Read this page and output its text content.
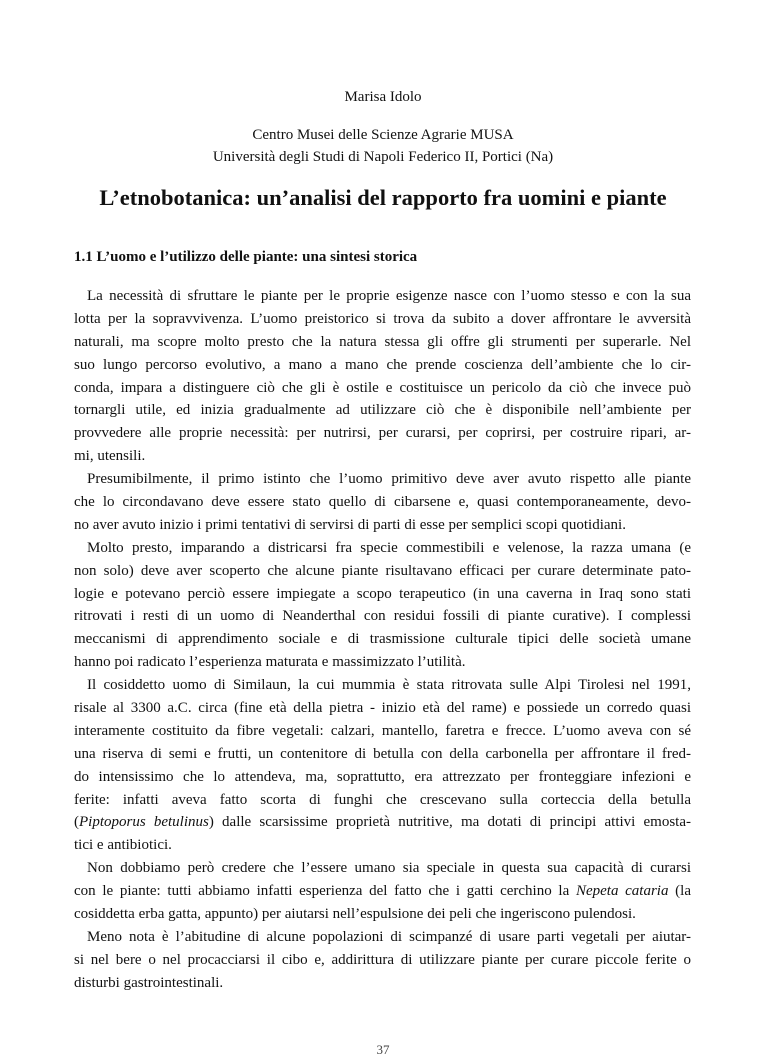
Marisa Idolo
Centro Musei delle Scienze Agrarie MUSA
Università degli Studi di Napoli Federico II, Portici (Na)
L’etnobotanica: un’analisi del rapporto fra uomini e piante
1.1 L’uomo e l’utilizzo delle piante: una sintesi storica
La necessità di sfruttare le piante per le proprie esigenze nasce con l’uomo stesso e con la sua
lotta per la sopravvivenza. L’uomo preistorico si trova da subito a dover affrontare le avversità
naturali, ma scopre molto presto che la natura stessa gli offre gli strumenti per superarle. Nel
suo lungo percorso evolutivo, a mano a mano che prende coscienza dell’ambiente che lo cir-
conda, impara a distinguere ciò che gli è ostile e costituisce un pericolo da ciò che invece può
tornargli utile, ed inizia gradualmente ad utilizzare ciò che è disponibile nell’ambiente per
provvedere alle proprie necessità: per nutrirsi, per curarsi, per coprirsi, per costruire ripari, ar-
mi, utensili.
Presumibilmente, il primo istinto che l’uomo primitivo deve aver avuto rispetto alle piante
che lo circondavano deve essere stato quello di cibarsene e, quasi contemporaneamente, devo-
no aver avuto inizio i primi tentativi di servirsi di parti di esse per semplici scopi quotidiani.
Molto presto, imparando a districarsi fra specie commestibili e velenose, la razza umana (e
non solo) deve aver scoperto che alcune piante risultavano efficaci per curare determinate pato-
logie e potevano perciò essere impiegate a scopo terapeutico (in una caverna in Iraq sono stati
ritrovati i resti di un uomo di Neanderthal con residui fossili di piante curative). I complessi
meccanismi di apprendimento sociale e di trasmissione culturale tipici delle società umane
hanno poi radicato l’esperienza maturata e massimizzato l’utilità.
Il cosiddetto uomo di Similaun, la cui mummia è stata ritrovata sulle Alpi Tirolesi nel 1991,
risale al 3300 a.C. circa (fine età della pietra - inizio età del rame) e possiede un corredo quasi
interamente costituito da fibre vegetali: calzari, mantello, faretra e frecce. L’uomo aveva con sé
una riserva di semi e frutti, un contenitore di betulla con della carbonella per affrontare il fred-
do intensissimo che lo attendeva, ma, soprattutto, era attrezzato per fronteggiare infezioni e
ferite: infatti aveva fatto scorta di funghi che crescevano sulla corteccia della betulla
(Piptoporus betulinus) dalle scarsissime proprietà nutritive, ma dotati di principi attivi emosta-
tici e antibiotici.
Non dobbiamo però credere che l’essere umano sia speciale in questa sua capacità di curarsi
con le piante: tutti abbiamo infatti esperienza del fatto che i gatti cerchino la Nepeta cataria (la
cosiddetta erba gatta, appunto) per aiutarsi nell’espulsione dei peli che ingeriscono pulendosi.
Meno nota è l’abitudine di alcune popolazioni di scimpanzé di usare parti vegetali per aiutar-
si nel bere o nel procacciarsi il cibo e, addirittura di utilizzare piante per curare piccole ferite o
disturbi gastrointestinali.
37
